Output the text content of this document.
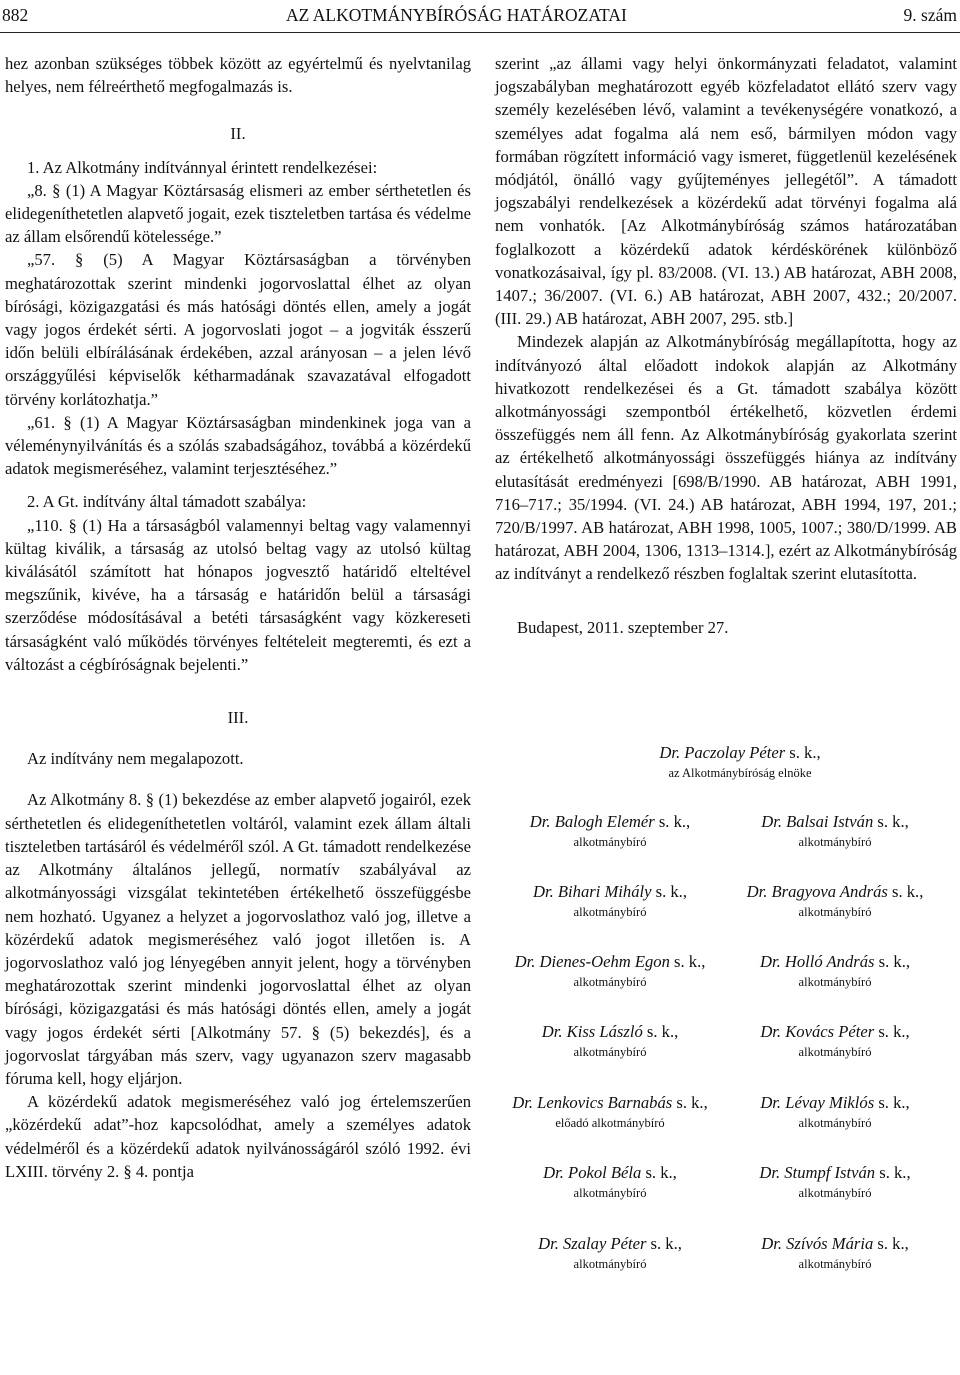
882	AZ ALKOTMÁNYBÍRÓSÁG HATÁROZATAI	9. szám

hez azonban szükséges többek között az egyértelmű és nyelvtanilag helyes, nem félreérthető megfogalmazás is.

II.

1. Az Alkotmány indítvánnyal érintett rendelkezései:

„8. § (1) A Magyar Köztársaság elismeri az ember sérthetetlen és elidegeníthetetlen alapvető jogait, ezek tiszteletben tartása és védelme az állam elsőrendű kötelessége.”

„57. § (5) A Magyar Köztársaságban a törvényben meghatározottak szerint mindenki jogorvoslattal élhet az olyan bírósági, közigazgatási és más hatósági döntés ellen, amely a jogát vagy jogos érdekét sérti. A jogorvoslati jogot – a jogviták ésszerű időn belüli elbírálásának érdekében, azzal arányosan – a jelen lévő országgyűlési képviselők kétharmadának szavazatával elfogadott törvény korlátozhatja.”

„61. § (1) A Magyar Köztársaságban mindenkinek joga van a véleménynyilvánítás és a szólás szabadságához, továbbá a közérdekű adatok megismeréséhez, valamint terjesztéséhez.”

2. A Gt. indítvány által támadott szabálya:

„110. § (1) Ha a társaságból valamennyi beltag vagy valamennyi kültag kiválik, a társaság az utolsó beltag vagy az utolsó kültag kiválásától számított hat hónapos jogvesztő határidő elteltével megszűnik, kivéve, ha a társaság e határidőn belül a társasági szerződése módosításával a betéti társaságként vagy közkereseti társaságként való működés törvényes feltételeit megteremti, és ezt a változást a cégbíróságnak bejelenti.”

III.

Az indítvány nem megalapozott.

Az Alkotmány 8. § (1) bekezdése az ember alapvető jogairól, ezek sérthetetlen és elidegeníthetetlen voltáról, valamint ezek állam általi tiszteletben tartásáról és védelméről szól. A Gt. támadott rendelkezése az Alkotmány általános jellegű, normatív szabályával az alkotmányossági vizsgálat tekintetében értékelhető összefüggésbe nem hozható. Ugyanez a helyzet a jogorvoslathoz való jog, illetve a közérdekű adatok megismeréséhez való jogot illetően is. A jogorvoslathoz való jog lényegében annyit jelent, hogy a törvényben meghatározottak szerint mindenki jogorvoslattal élhet az olyan bírósági, közigazgatási és más hatósági döntés ellen, amely a jogát vagy jogos érdekét sérti [Alkotmány 57. § (5) bekezdés], és a jogorvoslat tárgyában más szerv, vagy ugyanazon szerv magasabb fóruma kell, hogy eljárjon.

A közérdekű adatok megismeréséhez való jog értelemszerűen „közérdekű adat”-hoz kapcsolódhat, amely a személyes adatok védelméről és a közérdekű adatok nyilvánosságáról szóló 1992. évi LXIII. törvény 2. § 4. pontja

szerint „az állami vagy helyi önkormányzati feladatot, valamint jogszabályban meghatározott egyéb közfeladatot ellátó szerv vagy személy kezelésében lévő, valamint a tevékenységére vonatkozó, a személyes adat fogalma alá nem eső, bármilyen módon vagy formában rögzített információ vagy ismeret, függetlenül kezelésének módjától, önálló vagy gyűjteményes jellegétől”. A támadott jogszabályi rendelkezések a közérdekű adat törvényi fogalma alá nem vonhatók. [Az Alkotmánybíróság számos határozatában foglalkozott a közérdekű adatok kérdéskörének különböző vonatkozásaival, így pl. 83/2008. (VI. 13.) AB határozat, ABH 2008, 1407.; 36/2007. (VI. 6.) AB határozat, ABH 2007, 432.; 20/2007. (III. 29.) AB határozat, ABH 2007, 295. stb.]

Mindezek alapján az Alkotmánybíróság megállapította, hogy az indítványozó által előadott indokok alapján az Alkotmány hivatkozott rendelkezései és a Gt. támadott szabálya között alkotmányossági szempontból értékelhető, közvetlen érdemi összefüggés nem áll fenn. Az Alkotmánybíróság gyakorlata szerint az értékelhető alkotmányossági összefüggés hiánya az indítvány elutasítását eredményezi [698/B/1990. AB határozat, ABH 1991, 716–717.; 35/1994. (VI. 24.) AB határozat, ABH 1994, 197, 201.; 720/B/1997. AB határozat, ABH 1998, 1005, 1007.; 380/D/1999. AB határozat, ABH 2004, 1306, 1313–1314.], ezért az Alkotmánybíróság az indítványt a rendelkező részben foglaltak szerint elutasította.

Budapest, 2011. szeptember 27.

Dr. Paczolay Péter s. k.,
az Alkotmánybíróság elnöke
Dr. Balogh Elemér s. k.,
alkotmánybíró
Dr. Balsai István s. k.,
alkotmánybíró
Dr. Bihari Mihály s. k.,
alkotmánybíró
Dr. Bragyova András s. k.,
alkotmánybíró
Dr. Dienes-Oehm Egon s. k.,
alkotmánybíró
Dr. Holló András s. k.,
alkotmánybíró
Dr. Kiss László s. k.,
alkotmánybíró
Dr. Kovács Péter s. k.,
alkotmánybíró
Dr. Lenkovics Barnabás s. k.,
előadó alkotmánybíró
Dr. Lévay Miklós s. k.,
alkotmánybíró
Dr. Pokol Béla s. k.,
alkotmánybíró
Dr. Stumpf István s. k.,
alkotmánybíró
Dr. Szalay Péter s. k.,
alkotmánybíró
Dr. Szívós Mária s. k.,
alkotmánybíró
